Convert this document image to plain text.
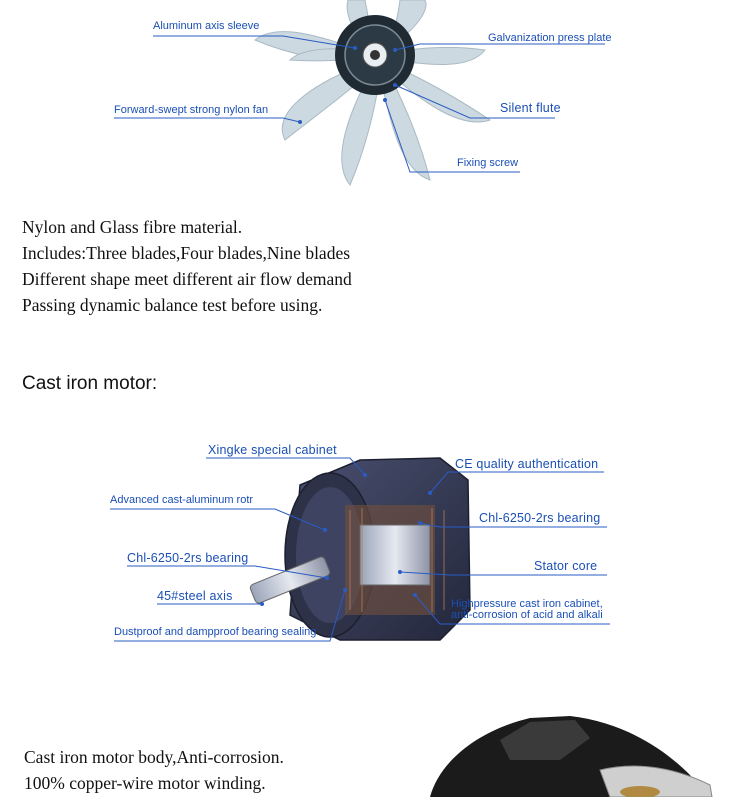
Aluminum axis sleeve
Galvanization press plate
Forward-swept strong nylon fan	Silent flute
Fixing screw
Nylon and Glass fibre material.
Includes:Three blades,Four blades,Nine blades
Different shape meet different air flow demand
Passing dynamic balance test before using.
Cast iron motor:
Xingke special cabinet
CE quality authentication
Advanced cast-aluminum rotr
Chl-6250-2rs bearing
Chl-6250-2rs bearing
Stator core
45#steel axis
Highpressure cast iron cabinet,
anti-corrosion of acid and alkali
Dustproof and dampproof bearing sealing
Cast iron motor body,Anti-corrosion.
100% copper-wire motor winding.
